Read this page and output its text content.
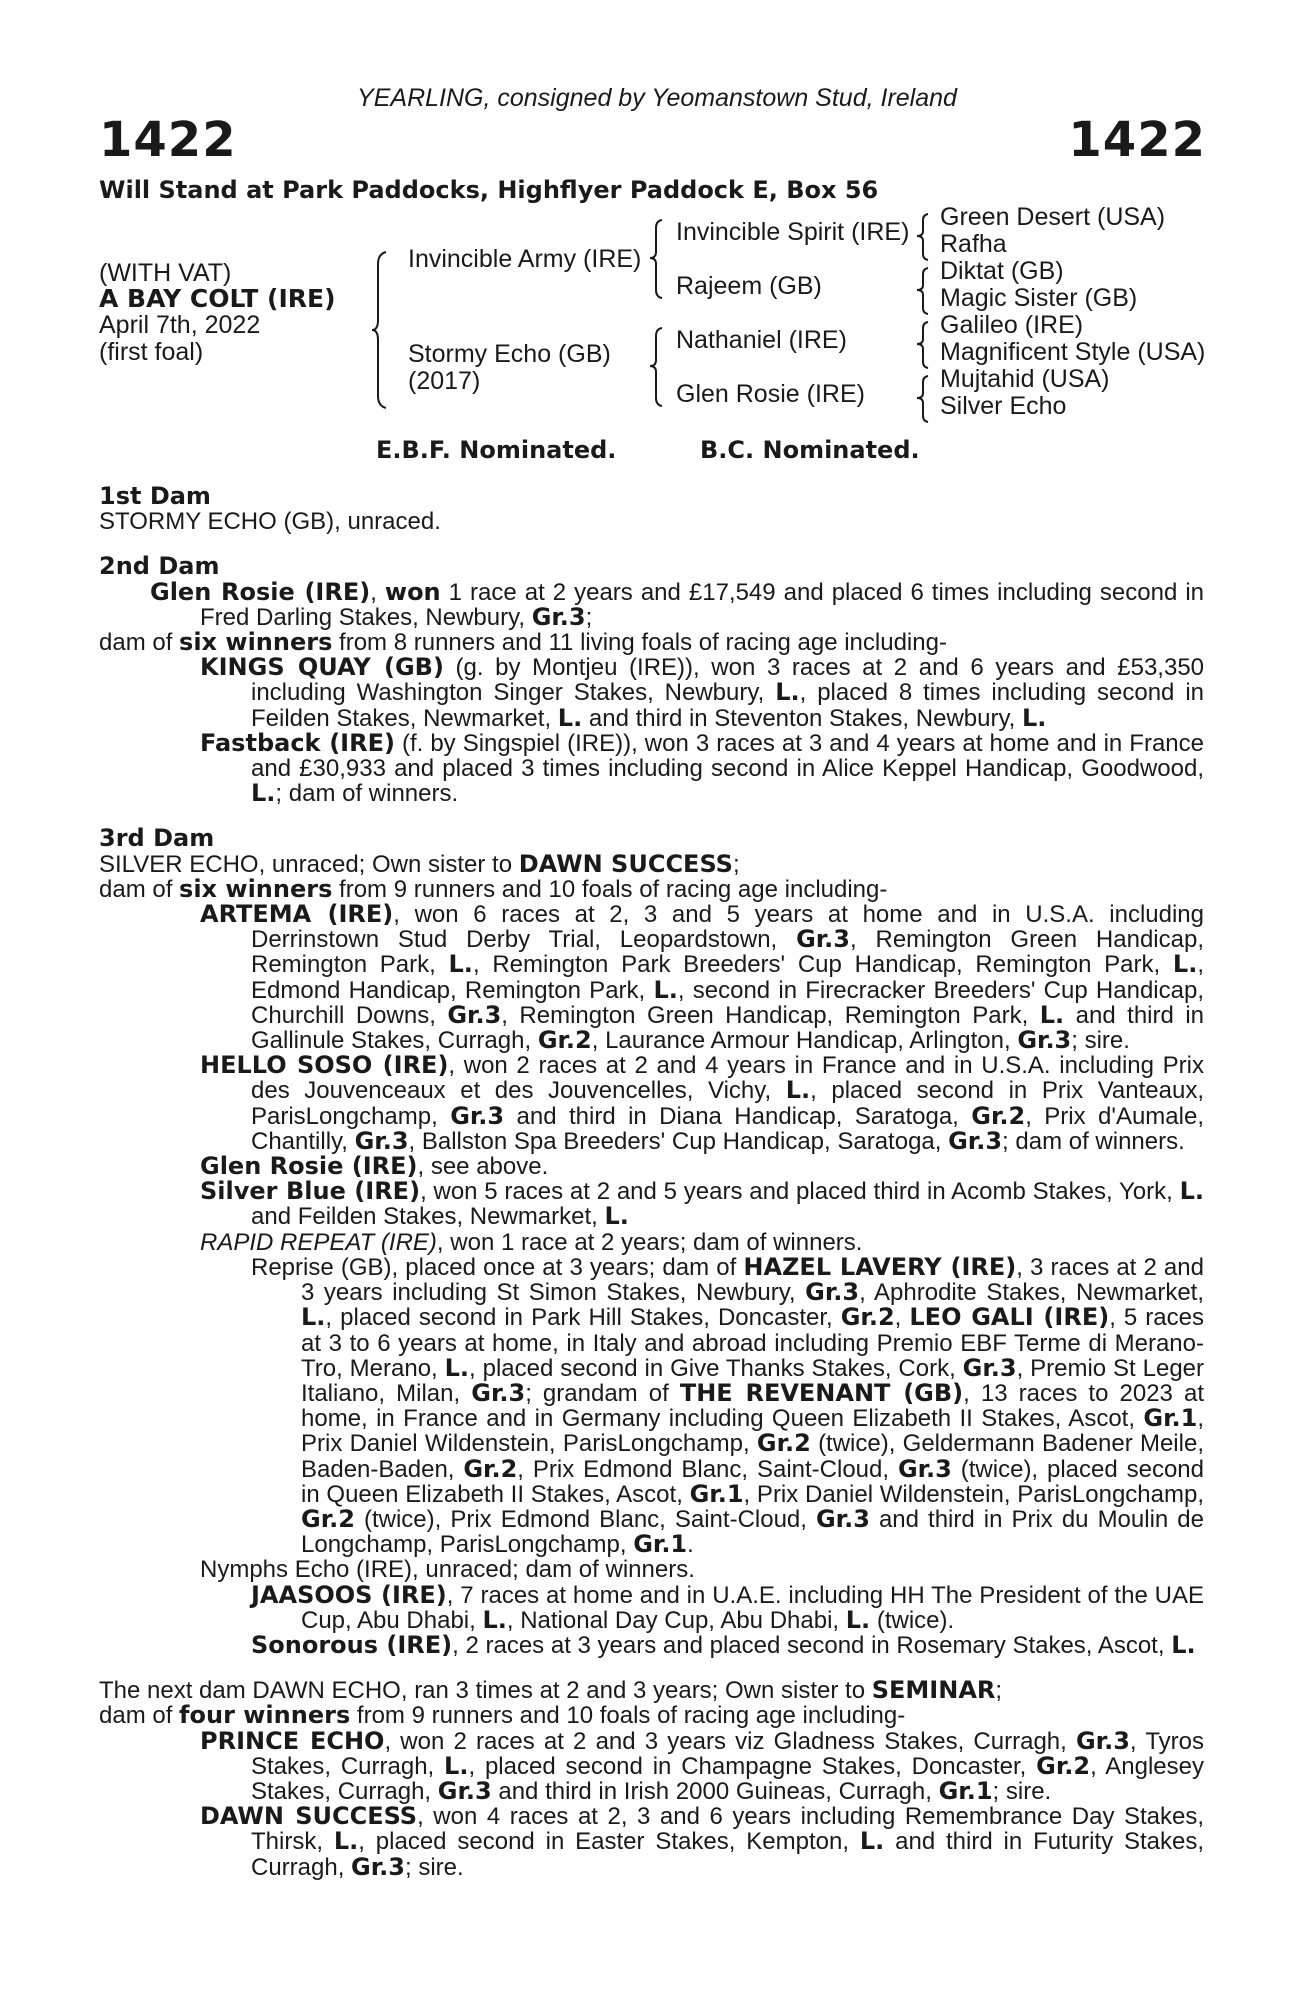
YEARLING, consigned by Yeomanstown Stud, Ireland
1422	1422
Will Stand at Park Paddocks, Highflyer Paddock E, Box 56
(WITH VAT)
A BAY COLT (IRE)
April 7th, 2022
(first foal)
Invincible Army (IRE)
Stormy Echo (GB)
(2017)
Invincible Spirit (IRE)
Rajeem (GB)
Nathaniel (IRE)
Glen Rosie (IRE)
Green Desert (USA)
Rafha
Diktat (GB)
Magic Sister (GB)
Galileo (IRE)
Magnificent Style (USA)
Mujtahid (USA)
Silver Echo
E.B.F. Nominated.	B.C. Nominated.
1st Dam
STORMY ECHO (GB), unraced.
2nd Dam
Glen Rosie (IRE), won 1 race at 2 years and £17,549 and placed 6 times including second in Fred Darling Stakes, Newbury, Gr.3;
dam of six winners from 8 runners and 11 living foals of racing age including-
KINGS QUAY (GB) (g. by Montjeu (IRE)), won 3 races at 2 and 6 years and £53,350 including Washington Singer Stakes, Newbury, L., placed 8 times including second in Feilden Stakes, Newmarket, L. and third in Steventon Stakes, Newbury, L.
Fastback (IRE) (f. by Singspiel (IRE)), won 3 races at 3 and 4 years at home and in France and £30,933 and placed 3 times including second in Alice Keppel Handicap, Goodwood, L.; dam of winners.
3rd Dam
SILVER ECHO, unraced; Own sister to DAWN SUCCESS;
dam of six winners from 9 runners and 10 foals of racing age including-
ARTEMA (IRE), won 6 races at 2, 3 and 5 years at home and in U.S.A. including Derrinstown Stud Derby Trial, Leopardstown, Gr.3, Remington Green Handicap, Remington Park, L., Remington Park Breeders' Cup Handicap, Remington Park, L., Edmond Handicap, Remington Park, L., second in Firecracker Breeders' Cup Handicap, Churchill Downs, Gr.3, Remington Green Handicap, Remington Park, L. and third in Gallinule Stakes, Curragh, Gr.2, Laurance Armour Handicap, Arlington, Gr.3; sire.
HELLO SOSO (IRE), won 2 races at 2 and 4 years in France and in U.S.A. including Prix des Jouvenceaux et des Jouvencelles, Vichy, L., placed second in Prix Vanteaux, ParisLongchamp, Gr.3 and third in Diana Handicap, Saratoga, Gr.2, Prix d'Aumale, Chantilly, Gr.3, Ballston Spa Breeders' Cup Handicap, Saratoga, Gr.3; dam of winners.
Glen Rosie (IRE), see above.
Silver Blue (IRE), won 5 races at 2 and 5 years and placed third in Acomb Stakes, York, L. and Feilden Stakes, Newmarket, L.
RAPID REPEAT (IRE), won 1 race at 2 years; dam of winners.
Reprise (GB), placed once at 3 years; dam of HAZEL LAVERY (IRE), 3 races at 2 and 3 years including St Simon Stakes, Newbury, Gr.3, Aphrodite Stakes, Newmarket, L., placed second in Park Hill Stakes, Doncaster, Gr.2, LEO GALI (IRE), 5 races at 3 to 6 years at home, in Italy and abroad including Premio EBF Terme di Merano-Tro, Merano, L., placed second in Give Thanks Stakes, Cork, Gr.3, Premio St Leger Italiano, Milan, Gr.3; grandam of THE REVENANT (GB), 13 races to 2023 at home, in France and in Germany including Queen Elizabeth II Stakes, Ascot, Gr.1, Prix Daniel Wildenstein, ParisLongchamp, Gr.2 (twice), Geldermann Badener Meile, Baden-Baden, Gr.2, Prix Edmond Blanc, Saint-Cloud, Gr.3 (twice), placed second in Queen Elizabeth II Stakes, Ascot, Gr.1, Prix Daniel Wildenstein, ParisLongchamp, Gr.2 (twice), Prix Edmond Blanc, Saint-Cloud, Gr.3 and third in Prix du Moulin de Longchamp, ParisLongchamp, Gr.1.
Nymphs Echo (IRE), unraced; dam of winners.
JAASOOS (IRE), 7 races at home and in U.A.E. including HH The President of the UAE Cup, Abu Dhabi, L., National Day Cup, Abu Dhabi, L. (twice).
Sonorous (IRE), 2 races at 3 years and placed second in Rosemary Stakes, Ascot, L.
The next dam DAWN ECHO, ran 3 times at 2 and 3 years; Own sister to SEMINAR;
dam of four winners from 9 runners and 10 foals of racing age including-
PRINCE ECHO, won 2 races at 2 and 3 years viz Gladness Stakes, Curragh, Gr.3, Tyros Stakes, Curragh, L., placed second in Champagne Stakes, Doncaster, Gr.2, Anglesey Stakes, Curragh, Gr.3 and third in Irish 2000 Guineas, Curragh, Gr.1; sire.
DAWN SUCCESS, won 4 races at 2, 3 and 6 years including Remembrance Day Stakes, Thirsk, L., placed second in Easter Stakes, Kempton, L. and third in Futurity Stakes, Curragh, Gr.3; sire.
